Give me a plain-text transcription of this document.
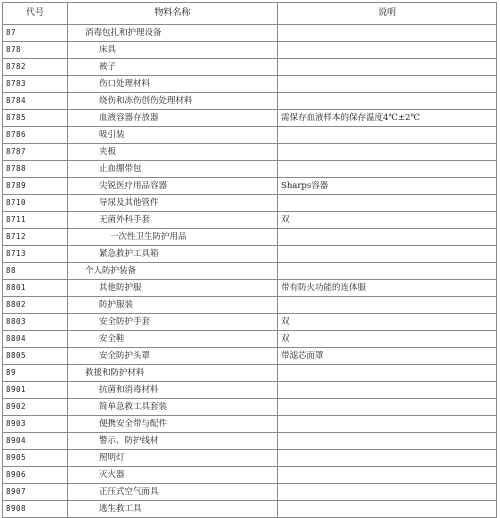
代号	物料名称	说明
87	消毒包扎和护理设备	
878	床具	
8782	被子	
8783	伤口处理材料	
8784	烧伤和冻伤创伤处理材料	
8785	血液容器存放器	需保存血液样本的保存温度4℃±2℃
8786	吸引装	
8787	夹板	
8788	止血绷带包	
8789	尖锐医疗用品容器	Sharps容器
8710	导尿及其他管件	
8711	无菌外科手套	双
8712	一次性卫生防护用品	
8713	紧急救护工具箱	
88	个人防护装备	
8801	其他防护服	带有防火功能的连体服
8802	防护服装	
8803	安全防护手套	双
8804	安全鞋	双
8805	安全防护头罩	带滤芯面罩
89	救援和防护材料	
8901	抗菌和消毒材料	
8902	简单急救工具套装	
8903	便携安全带与配件	
8904	警示、防护线材	
8905	照明灯	
8906	灭火器	
8907	正压式空气面具	
8908	逃生救工具	
